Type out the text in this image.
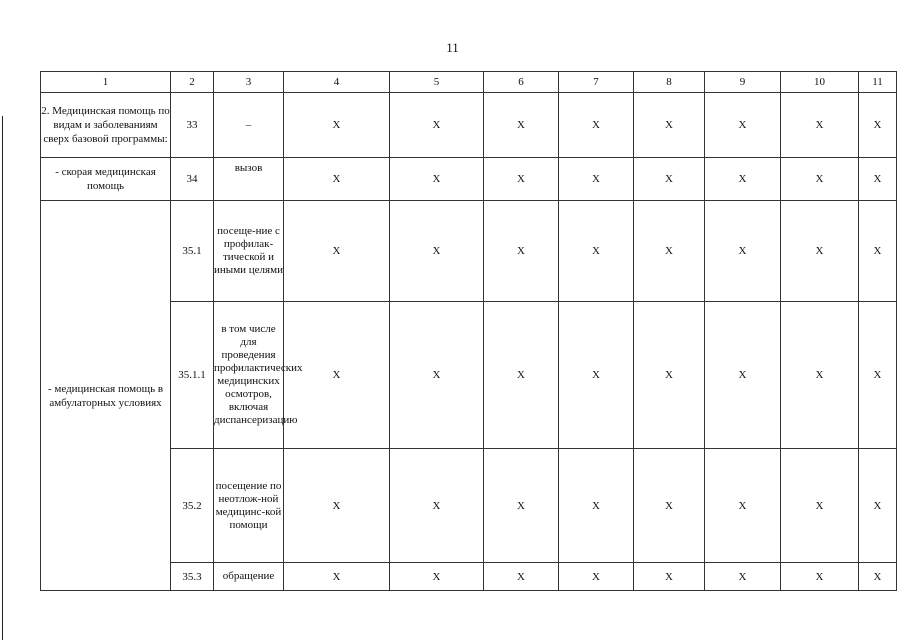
11
1	2	3	4	5	6	7	8	9	10	11
2. Медицинская помощь по видам и заболеваниям сверх базовой программы:	33	–	X	X	X	X	X	X	X	X
- скорая медицинская помощь	34	вызов	X	X	X	X	X	X	X	X
- медицинская помощь в амбулаторных условиях	35.1	посеще-ние с профилак-тической и иными целями	X	X	X	X	X	X	X	X
	35.1.1	в том числе для проведения профилактических медицинских осмотров, включая диспансеризацию	X	X	X	X	X	X	X	X
	35.2	посещение по неотлож-ной медицинс-кой помощи	X	X	X	X	X	X	X	X
	35.3	обращение	X	X	X	X	X	X	X	X
